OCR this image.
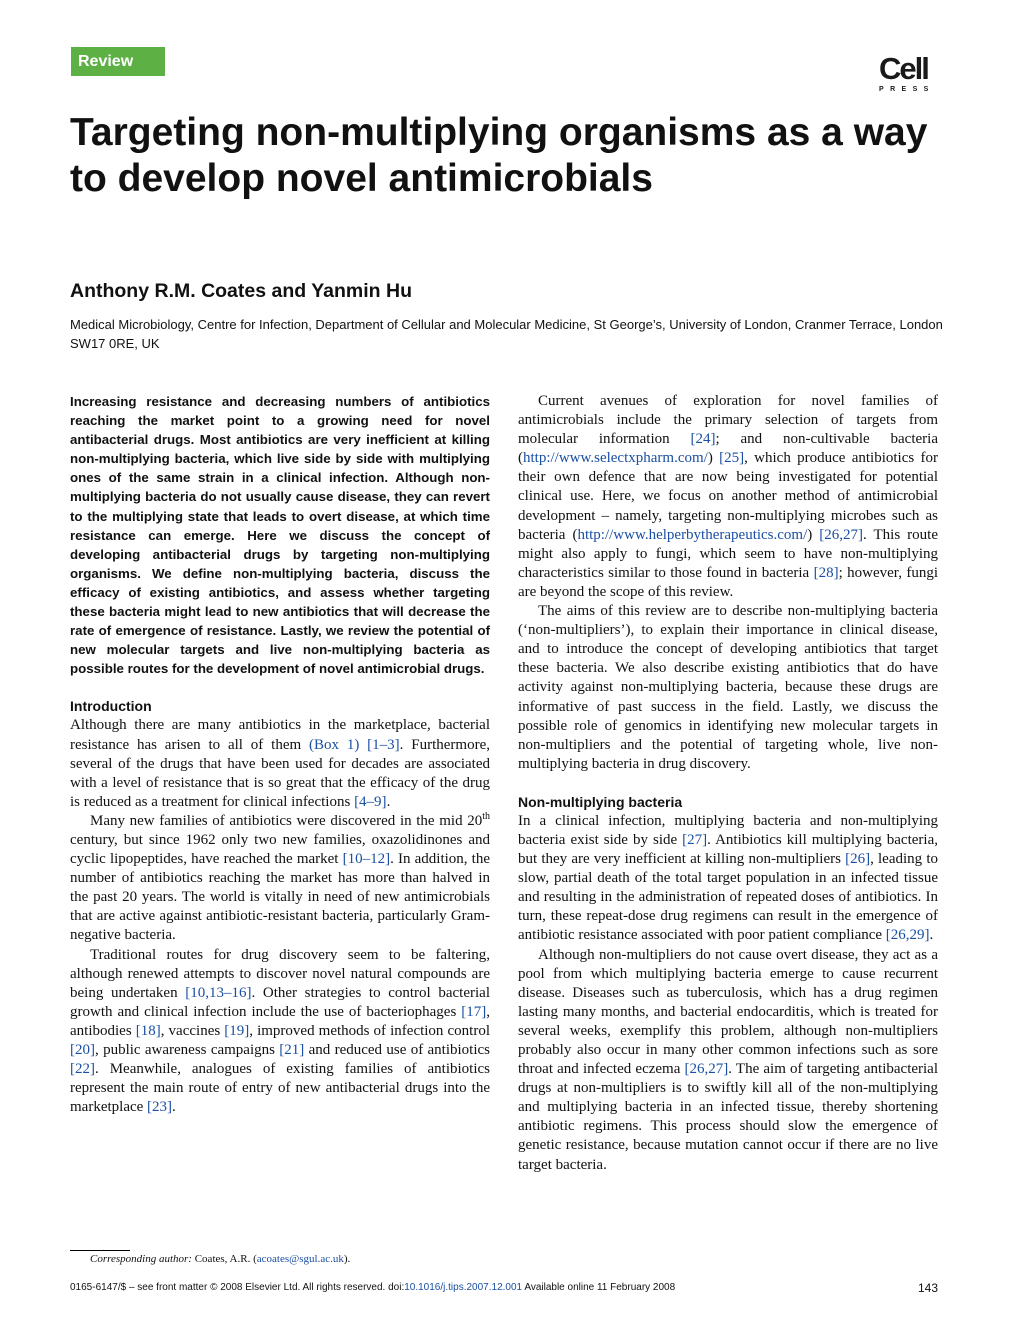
Review	Cell
PRESS
Targeting non-multiplying organisms as a way to develop novel antimicrobials
Anthony R.M. Coates and Yanmin Hu
Medical Microbiology, Centre for Infection, Department of Cellular and Molecular Medicine, St George’s, University of London, Cranmer Terrace, London SW17 0RE, UK

Increasing resistance and decreasing numbers of antibiotics reaching the market point to a growing need for novel antibacterial drugs. Most antibiotics are very inefficient at killing non-multiplying bacteria, which live side by side with multiplying ones of the same strain in a clinical infection. Although non-multiplying bacteria do not usually cause disease, they can revert to the multiplying state that leads to overt disease, at which time resistance can emerge. Here we discuss the concept of developing antibacterial drugs by targeting non-multiplying organisms. We define non-multiplying bacteria, discuss the efficacy of existing antibiotics, and assess whether targeting these bacteria might lead to new antibiotics that will decrease the rate of emergence of resistance. Lastly, we review the potential of new molecular targets and live non-multiplying bacteria as possible routes for the development of novel antimicrobial drugs.

Introduction

Although there are many antibiotics in the marketplace, bacterial resistance has arisen to all of them (Box 1) [1–3]. Furthermore, several of the drugs that have been used for decades are associated with a level of resistance that is so great that the efficacy of the drug is reduced as a treatment for clinical infections [4–9].

Many new families of antibiotics were discovered in the mid 20th century, but since 1962 only two new families, oxazolidinones and cyclic lipopeptides, have reached the market [10–12]. In addition, the number of antibiotics reaching the market has more than halved in the past 20 years. The world is vitally in need of new antimicrobials that are active against antibiotic-resistant bacteria, particularly Gram-negative bacteria.

Traditional routes for drug discovery seem to be faltering, although renewed attempts to discover novel natural compounds are being undertaken [10,13–16]. Other strategies to control bacterial growth and clinical infection include the use of bacteriophages [17], antibodies [18], vaccines [19], improved methods of infection control [20], public awareness campaigns [21] and reduced use of antibiotics [22]. Meanwhile, analogues of existing families of antibiotics represent the main route of entry of new antibacterial drugs into the marketplace [23].

Current avenues of exploration for novel families of antimicrobials include the primary selection of targets from molecular information [24]; and non-cultivable bacteria (http://www.selectxpharm.com/) [25], which produce antibiotics for their own defence that are now being investigated for potential clinical use. Here, we focus on another method of antimicrobial development – namely, targeting non-multiplying microbes such as bacteria (http://www.helperbytherapeutics.com/) [26,27]. This route might also apply to fungi, which seem to have non-multiplying characteristics similar to those found in bacteria [28]; however, fungi are beyond the scope of this review.

The aims of this review are to describe non-multiplying bacteria (‘non-multipliers’), to explain their importance in clinical disease, and to introduce the concept of developing antibiotics that target these bacteria. We also describe existing antibiotics that do have activity against non-multiplying bacteria, because these drugs are informative of past success in the field. Lastly, we discuss the possible role of genomics in identifying new molecular targets in non-multipliers and the potential of targeting whole, live non-multiplying bacteria in drug discovery.

Non-multiplying bacteria

In a clinical infection, multiplying bacteria and non-multiplying bacteria exist side by side [27]. Antibiotics kill multiplying bacteria, but they are very inefficient at killing non-multipliers [26], leading to slow, partial death of the total target population in an infected tissue and resulting in the administration of repeated doses of antibiotics. In turn, these repeat-dose drug regimens can result in the emergence of antibiotic resistance associated with poor patient compliance [26,29].

Although non-multipliers do not cause overt disease, they act as a pool from which multiplying bacteria emerge to cause recurrent disease. Diseases such as tuberculosis, which has a drug regimen lasting many months, and bacterial endocarditis, which is treated for several weeks, exemplify this problem, although non-multipliers probably also occur in many other common infections such as sore throat and infected eczema [26,27]. The aim of targeting antibacterial drugs at non-multipliers is to swiftly kill all of the non-multiplying and multiplying bacteria in an infected tissue, thereby shortening antibiotic regimens. This process should slow the emergence of genetic resistance, because mutation cannot occur if there are no live target bacteria.

Corresponding author: Coates, A.R. (acoates@sgul.ac.uk).
0165-6147/$ – see front matter © 2008 Elsevier Ltd. All rights reserved. doi:10.1016/j.tips.2007.12.001 Available online 11 February 2008	143
